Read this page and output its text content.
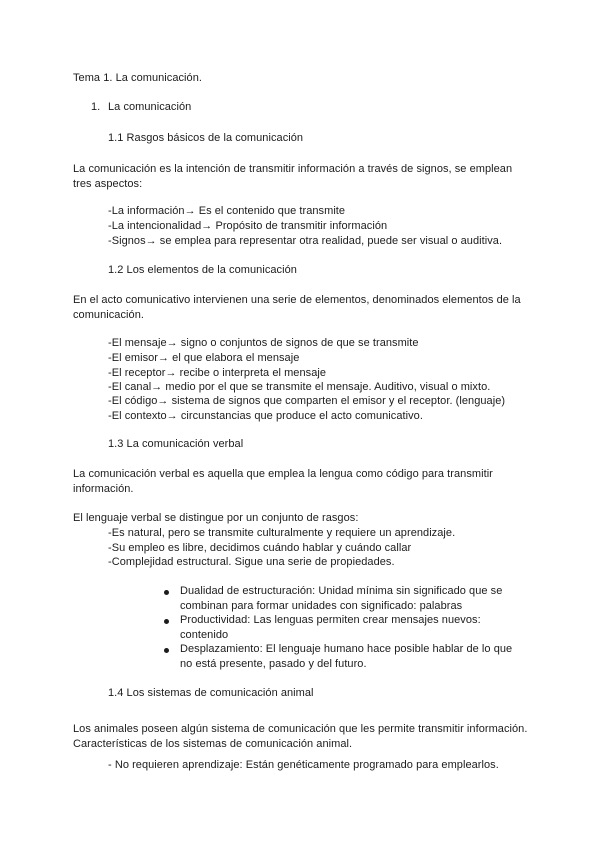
Tema 1. La comunicación.
1. La comunicación
1.1 Rasgos básicos de la comunicación
La comunicación es la intención de transmitir información a través de signos, se emplean
tres aspectos:
-La información→ Es el contenido que transmite
-La intencionalidad→ Propósito de transmitir información
-Signos→ se emplea para representar otra realidad, puede ser visual o auditiva.
1.2 Los elementos de la comunicación
En el acto comunicativo intervienen una serie de elementos, denominados elementos de la
comunicación.
-El mensaje→ signo o conjuntos de signos de que se transmite
-El emisor→ el que elabora el mensaje
-El receptor→ recibe o interpreta el mensaje
-El canal→ medio por el que se transmite el mensaje. Auditivo, visual o mixto.
-El código→ sistema de signos que comparten el emisor y el receptor. (lenguaje)
-El contexto→ circunstancias que produce el acto comunicativo.
1.3 La comunicación verbal
La comunicación verbal es aquella que emplea la lengua como código para transmitir
información.
El lenguaje verbal se distingue por un conjunto de rasgos:
-Es natural, pero se transmite culturalmente y requiere un aprendizaje.
-Su empleo es libre, decidimos cuándo hablar y cuándo callar
-Complejidad estructural. Sigue una serie de propiedades.
Dualidad de estructuración: Unidad mínima sin significado que se
combinan para formar unidades con significado: palabras
Productividad: Las lenguas permiten crear mensajes nuevos:
contenido
Desplazamiento: El lenguaje humano hace posible hablar de lo que
no está presente, pasado y del futuro.
1.4 Los sistemas de comunicación animal
Los animales poseen algún sistema de comunicación que les permite transmitir información.
Características de los sistemas de comunicación animal.
- No requieren aprendizaje: Están genéticamente programado para emplearlos.
